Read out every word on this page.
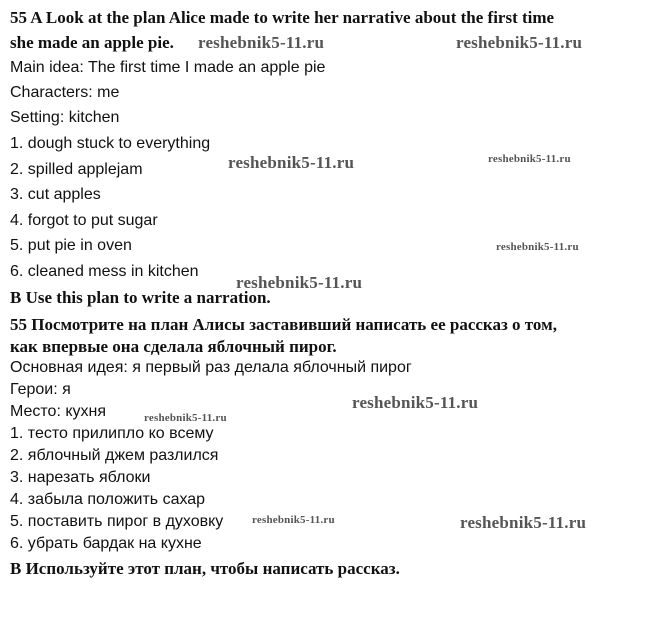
55 A Look at the plan Alice made to write her narrative about the first time
she made an apple pie.
Main idea: The first time I made an apple pie
Characters: me
Setting: kitchen
1. dough stuck to everything
2. spilled applejam
3. cut apples
4. forgot to put sugar
5. put pie in oven
6. cleaned mess in kitchen
B Use this plan to write a narration.
55 Посмотрите на план Алисы заставивший написать ее рассказ о том,
как впервые она сделала яблочный пирог.
Основная идея: я первый раз делала яблочный пирог
Герои: я
Место: кухня
1. тесто прилипло ко всему
2. яблочный джем разлился
3. нарезать яблоки
4. забыла положить сахар
5. поставить пирог в духовку
6. убрать бардак на кухне
В Используйте этот план, чтобы написать рассказ.
reshebnik5-11.ru	reshebnik5-11.ru
reshebnik5-11.ru	reshebnik5-11.ru
reshebnik5-11.ru
reshebnik5-11.ru
reshebnik5-11.ru
reshebnik5-11.ru
reshebnik5-11.ru	reshebnik5-11.ru
